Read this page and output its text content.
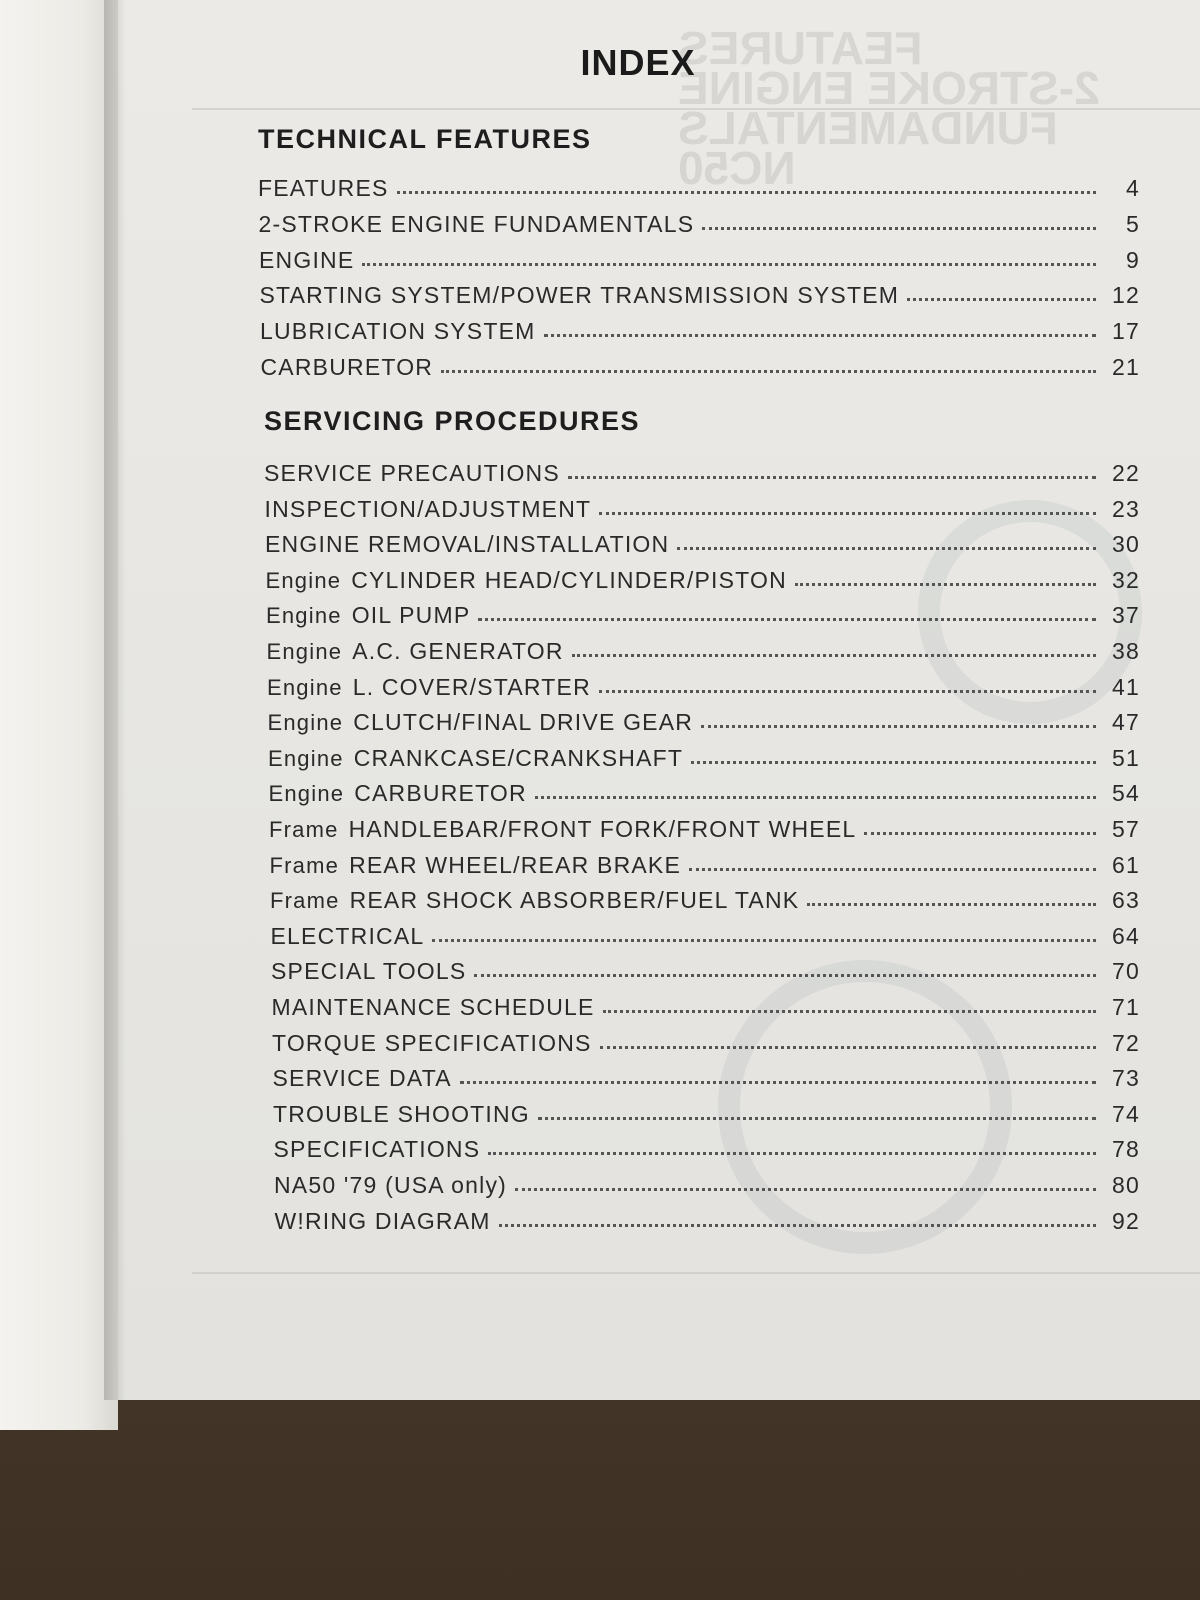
FEATURES
2-STROKE ENGINE
FUNDAMENTALS
NC50
INDEX
TECHNICAL FEATURES
FEATURES	4
2-STROKE ENGINE FUNDAMENTALS	5
ENGINE	9
STARTING SYSTEM/POWER TRANSMISSION SYSTEM	12
LUBRICATION SYSTEM	17
CARBURETOR	21
SERVICING PROCEDURES
SERVICE PRECAUTIONS	22
INSPECTION/ADJUSTMENT	23
ENGINE REMOVAL/INSTALLATION	30
Engine CYLINDER HEAD/CYLINDER/PISTON	32
Engine OIL PUMP	37
Engine A.C. GENERATOR	38
Engine L. COVER/STARTER	41
Engine CLUTCH/FINAL DRIVE GEAR	47
Engine CRANKCASE/CRANKSHAFT	51
Engine CARBURETOR	54
Frame HANDLEBAR/FRONT FORK/FRONT WHEEL	57
Frame REAR WHEEL/REAR BRAKE	61
Frame REAR SHOCK ABSORBER/FUEL TANK	63
ELECTRICAL	64
SPECIAL TOOLS	70
MAINTENANCE SCHEDULE	71
TORQUE SPECIFICATIONS	72
SERVICE DATA	73
TROUBLE SHOOTING	74
SPECIFICATIONS	78
NA50 '79 (USA only)	80
W!RING DIAGRAM	92
